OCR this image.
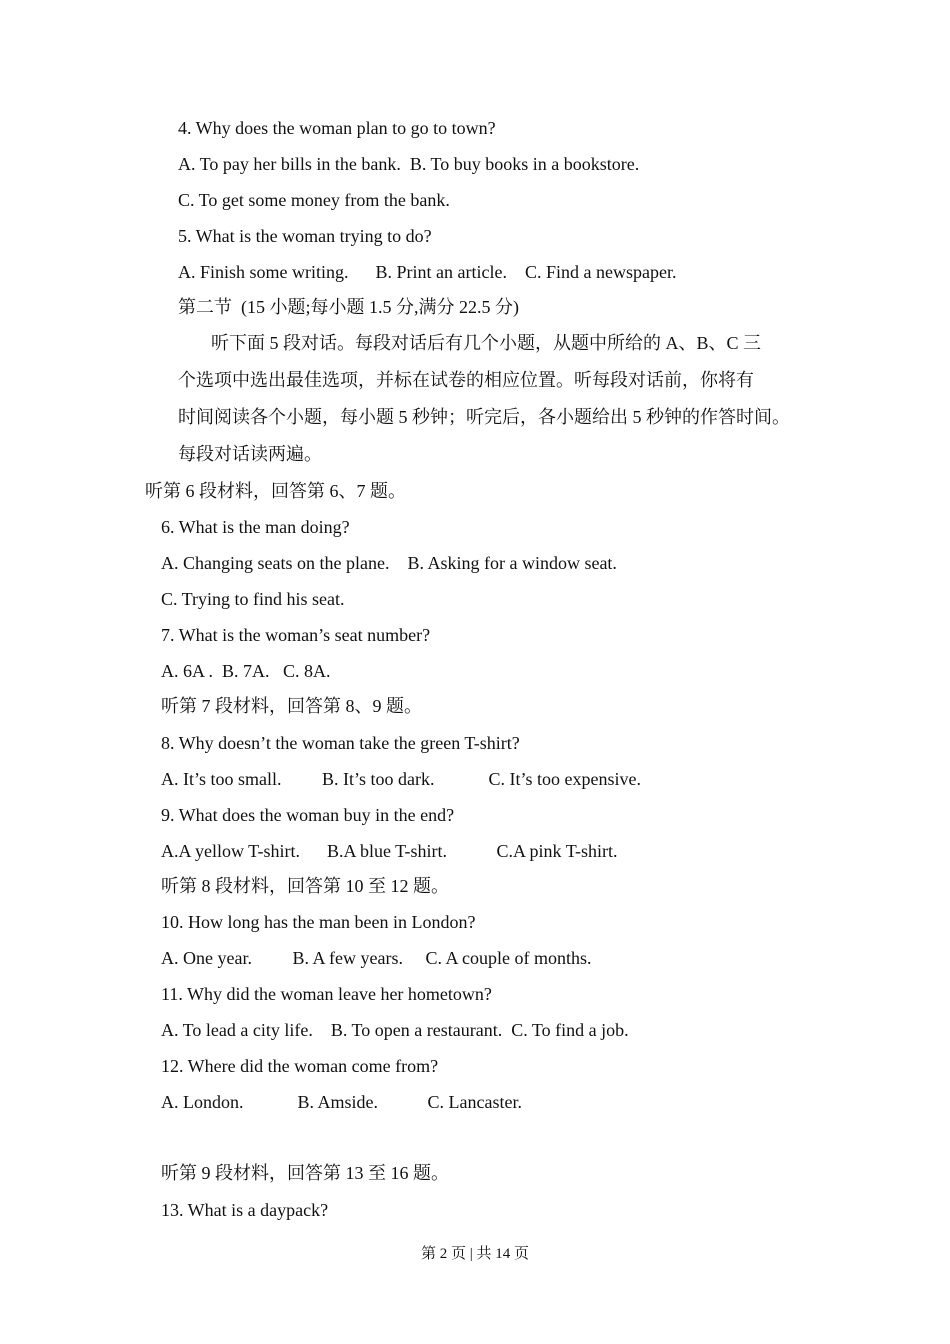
4. Why does the woman plan to go to town?
A. To pay her bills in the bank.  B. To buy books in a bookstore.
C. To get some money from the bank.
5. What is the woman trying to do?
A. Finish some writing.      B. Print an article.    C. Find a newspaper.
第二节  (15 小题;每小题 1.5 分,满分 22.5 分)
听下面 5 段对话。每段对话后有几个小题，从题中所给的 A、B、C 三
个选项中选出最佳选项，并标在试卷的相应位置。听每段对话前，你将有
时间阅读各个小题，每小题 5 秒钟；听完后，各小题给出 5 秒钟的作答时间。
每段对话读两遍。
听第 6 段材料，回答第 6、7 题。
6. What is the man doing?
A. Changing seats on the plane.    B. Asking for a window seat.
C. Trying to find his seat.
7. What is the woman’s seat number?
A. 6A .  B. 7A.   C. 8A.
听第 7 段材料，回答第 8、9 题。
8. Why doesn’t the woman take the green T-shirt?
A. It’s too small.         B. It’s too dark.            C. It’s too expensive.
9. What does the woman buy in the end?
A.A yellow T-shirt.      B.A blue T-shirt.           C.A pink T-shirt.
听第 8 段材料，回答第 10 至 12 题。
10. How long has the man been in London?
A. One year.         B. A few years.     C. A couple of months.
11. Why did the woman leave her hometown?
A. To lead a city life.    B. To open a restaurant.  C. To find a job.
12. Where did the woman come from?
A. London.            B. Amside.           C. Lancaster.
听第 9 段材料，回答第 13 至 16 题。
13. What is a daypack?
第 2 页 | 共 14 页
